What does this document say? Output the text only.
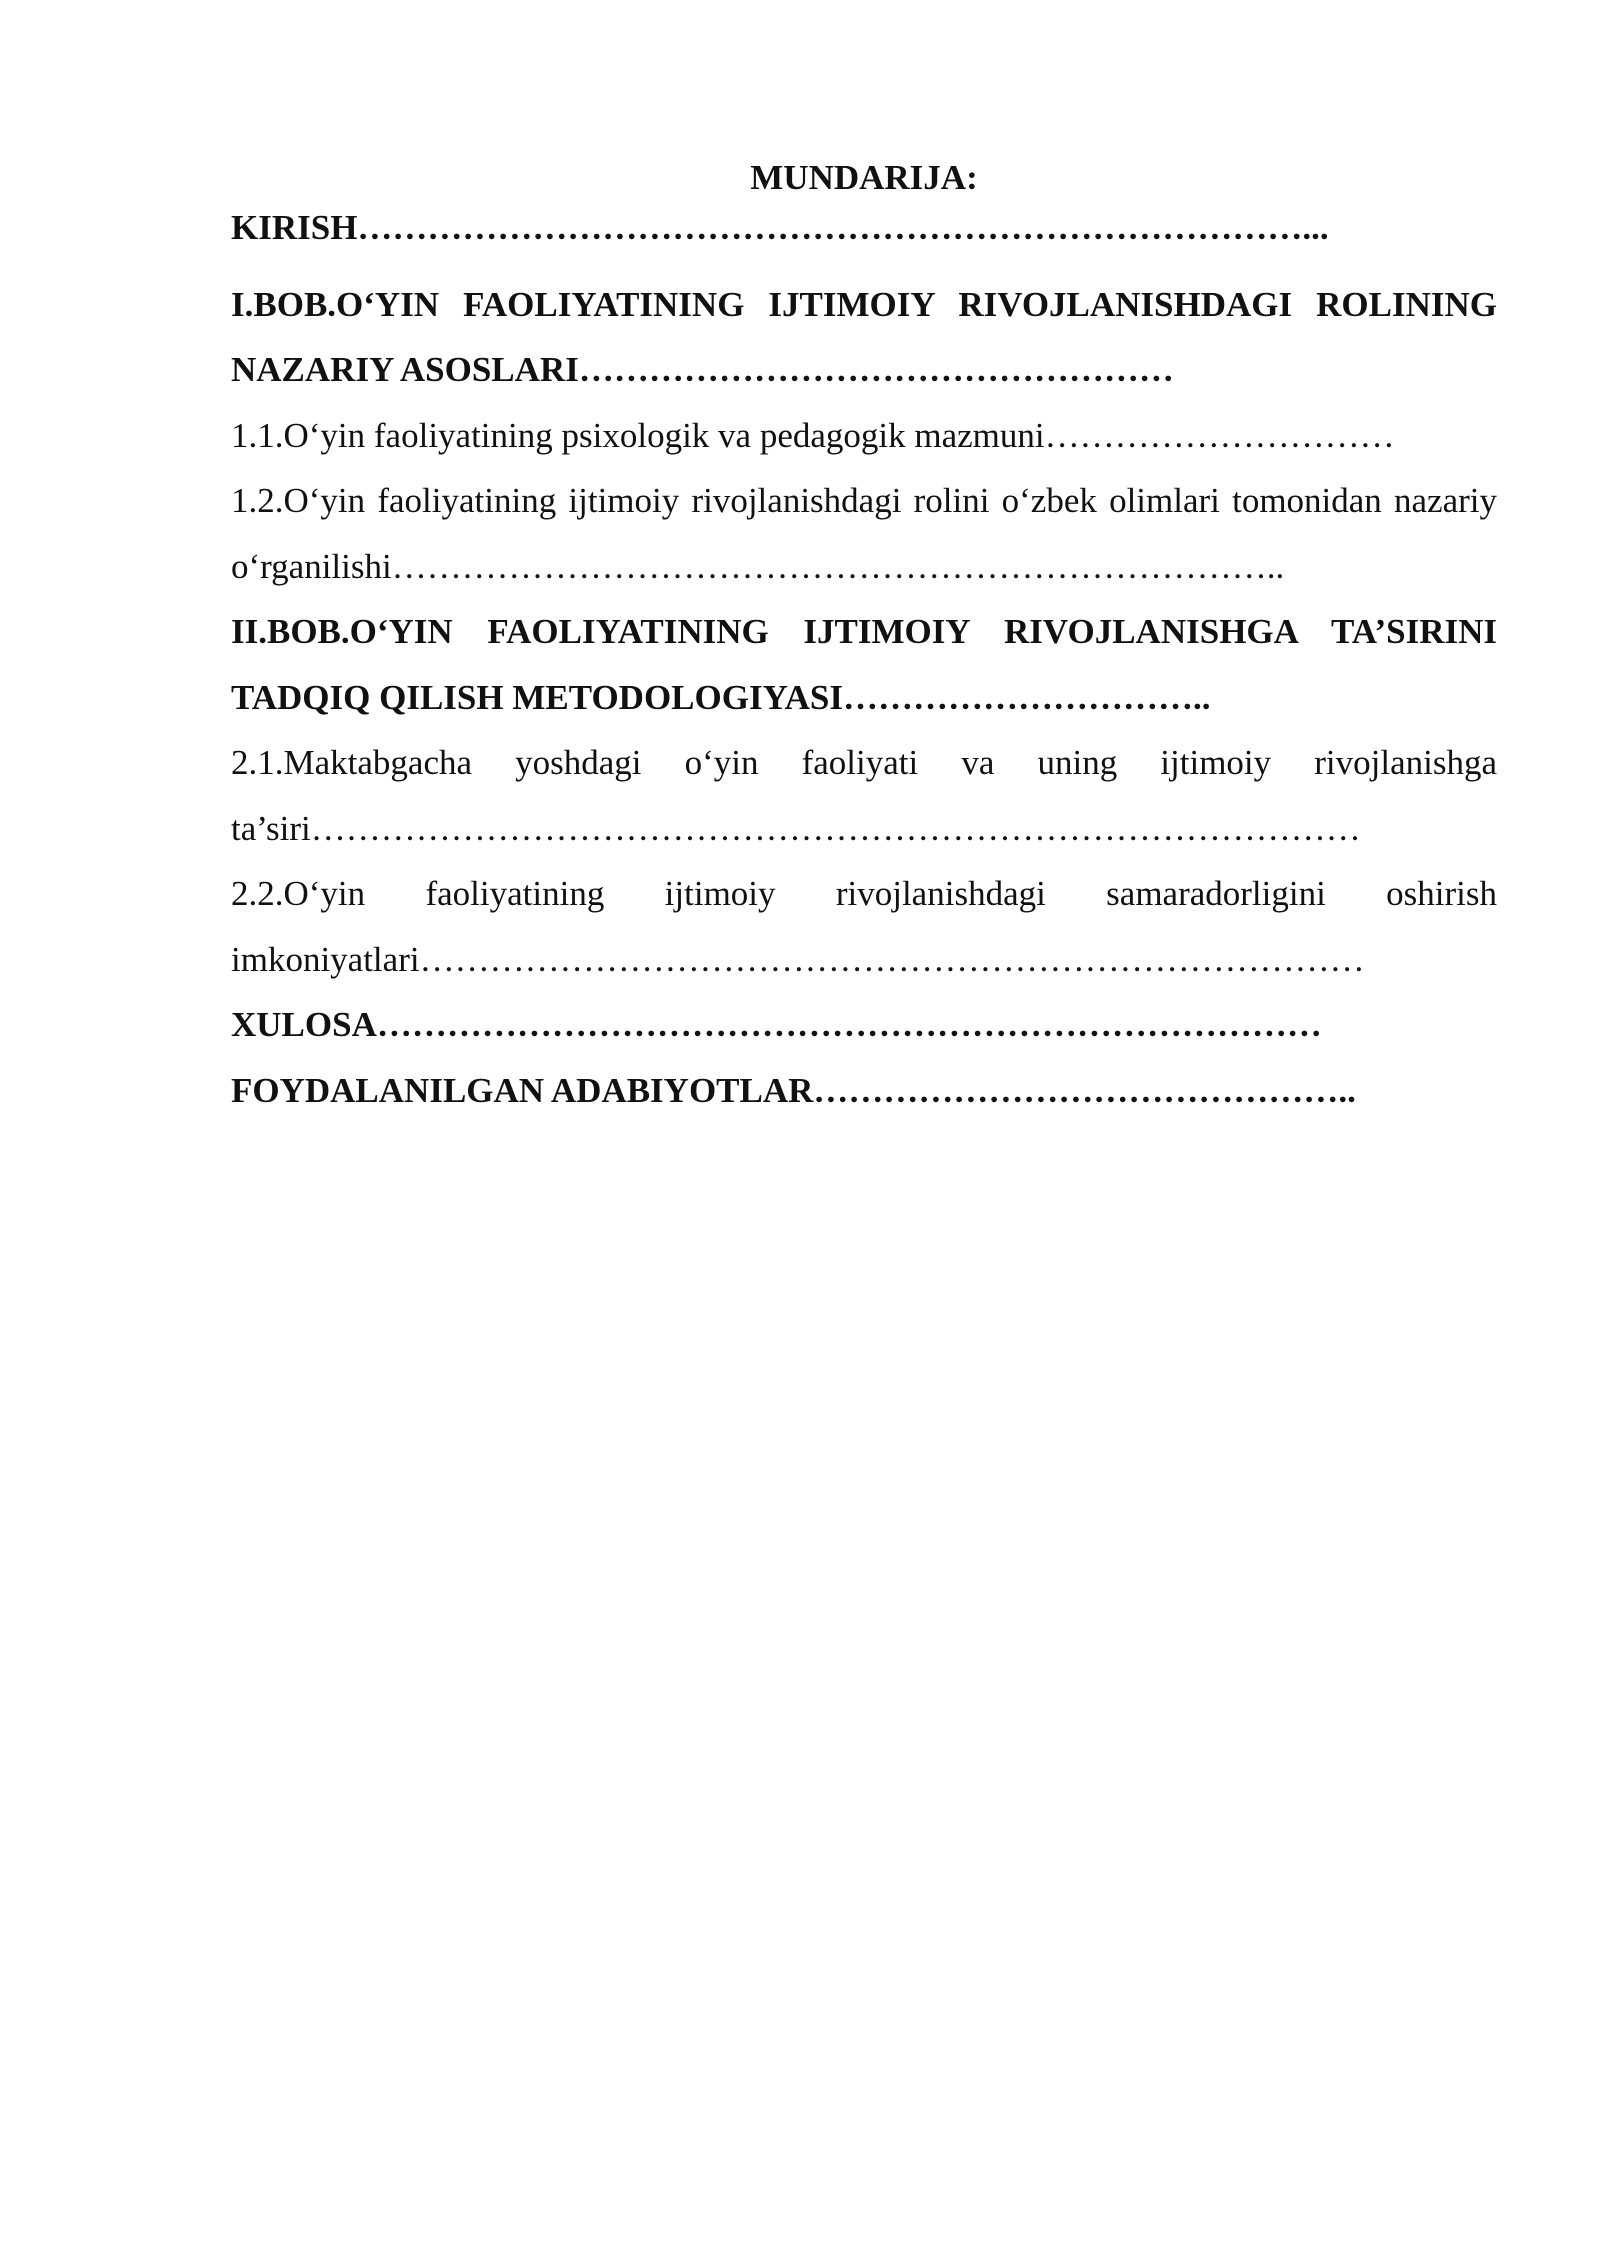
MUNDARIJA:

KIRISH………………………………………………………………………...

I.BOB.O‘YIN FAOLIYATINING IJTIMOIY RIVOJLANISHDAGI ROLINING NAZARIY ASOSLARI……………………………………………

1.1.O‘yin faoliyatining psixologik va pedagogik mazmuni…………………………

1.2.O‘yin faoliyatining ijtimoiy rivojlanishdagi rolini o‘zbek olimlari tomonidan nazariy o‘rganilishi…………………………………………………………………..

II.BOB.O‘YIN FAOLIYATINING IJTIMOIY RIVOJLANISHGA TA’SIRINI TADQIQ QILISH METODOLOGIYASI…………………………..

2.1.Maktabgacha yoshdagi o‘yin faoliyati va uning ijtimoiy rivojlanishga ta’siri………………………………………………………………………………

2.2.O‘yin faoliyatining ijtimoiy rivojlanishdagi samaradorligini oshirish imkoniyatlari………………………………………………………………………

XULOSA………………………………………………………………………

FOYDALANILGAN ADABIYOTLAR………………………………………..
